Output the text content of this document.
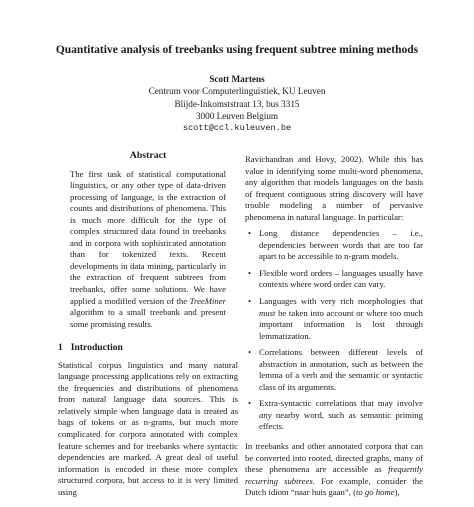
Quantitative analysis of treebanks using frequent subtree mining methods
Scott Martens
Centrum voor Computerlinguïstiek, KU Leuven
Blijde-Inkomststraat 13, bus 3315
3000 Leuven Belgium
scott@ccl.kuleuven.be
Abstract

The first task of statistical computational linguistics, or any other type of data-driven processing of language, is the extraction of counts and distributions of phenomena. This is much more difficult for the type of complex structured data found in treebanks and in corpora with sophisticated annotation than for tokenized texts. Recent developments in data mining, particularly in the extraction of frequent subtrees from treebanks, offer some solutions. We have applied a modified version of the TreeMiner algorithm to a small treebank and present some promising results.

1 Introduction

Statistical corpus linguistics and many natural language processing applications rely on extracting the frequencies and distributions of phenomena from natural language data sources. This is relatively simple when language data is treated as bags of tokens or as n-grams, but much more complicated for corpora annotated with complex feature schemes and for treebanks where syntactic dependencies are marked. A great deal of useful information is encoded in these more complex structured corpora, but access to it is very limited using

Ravichandran and Hovy, 2002). While this has value in identifying some multi-word phenomena, any algorithm that models languages on the basis of frequent contiguous string discovery will have trouble modeling a number of pervasive phenomena in natural language. In particular:

• Long distance dependencies – i.e., dependencies between words that are too far apart to be accessible to n-gram models.
• Flexible word orders – languages usually have contexts where word order can vary.
• Languages with very rich morphologies that must be taken into account or where too much important information is lost through lemmatization.
• Correlations between different levels of abstraction in annotation, such as between the lemma of a verb and the semantic or syntactic class of its arguments.
• Extra-syntactic correlations that may involve any nearby word, such as semantic priming effects.

In treebanks and other annotated corpora that can be converted into rooted, directed graphs, many of these phenomena are accessible as frequently recurring subtrees. For example, consider the Dutch idiom “naar huis gaan”, (to go home),
